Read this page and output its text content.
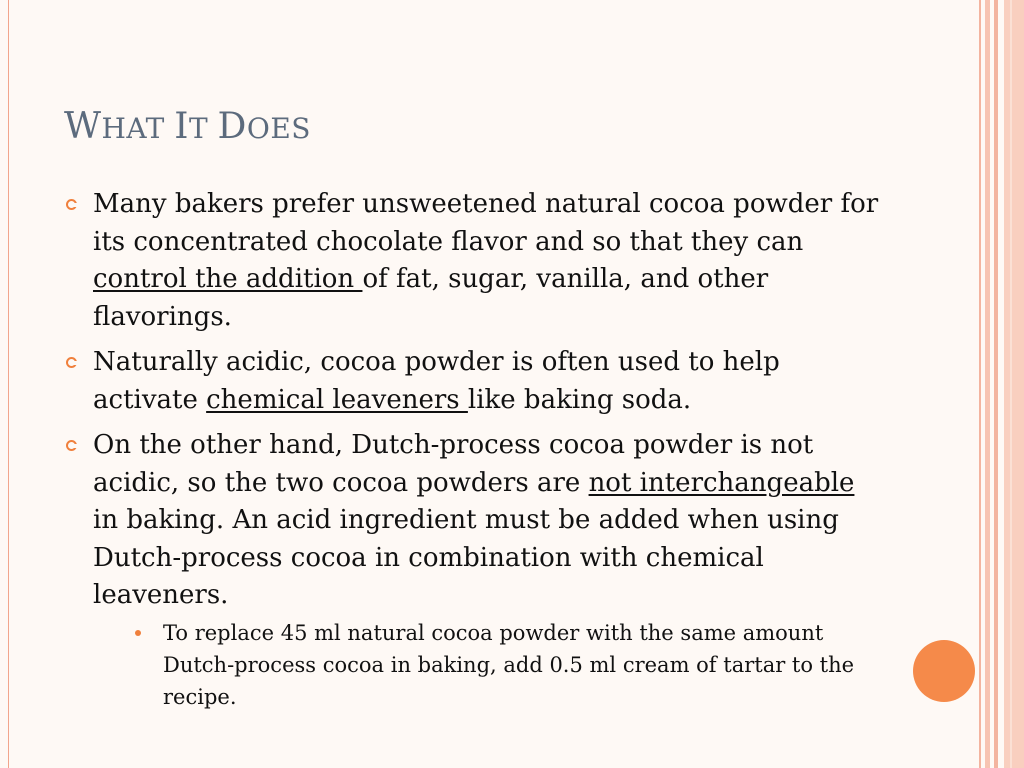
WHAT IT DOES
Many bakers prefer unsweetened natural cocoa powder for its concentrated chocolate flavor and so that they can control the addition of fat, sugar, vanilla, and other flavorings.
Naturally acidic, cocoa powder is often used to help activate chemical leaveners like baking soda.
On the other hand, Dutch-process cocoa powder is not acidic, so the two cocoa powders are not interchangeable in baking. An acid ingredient must be added when using Dutch-process cocoa in combination with chemical leaveners.
To replace 45 ml natural cocoa powder with the same amount Dutch-process cocoa in baking, add 0.5 ml cream of tartar to the recipe.
